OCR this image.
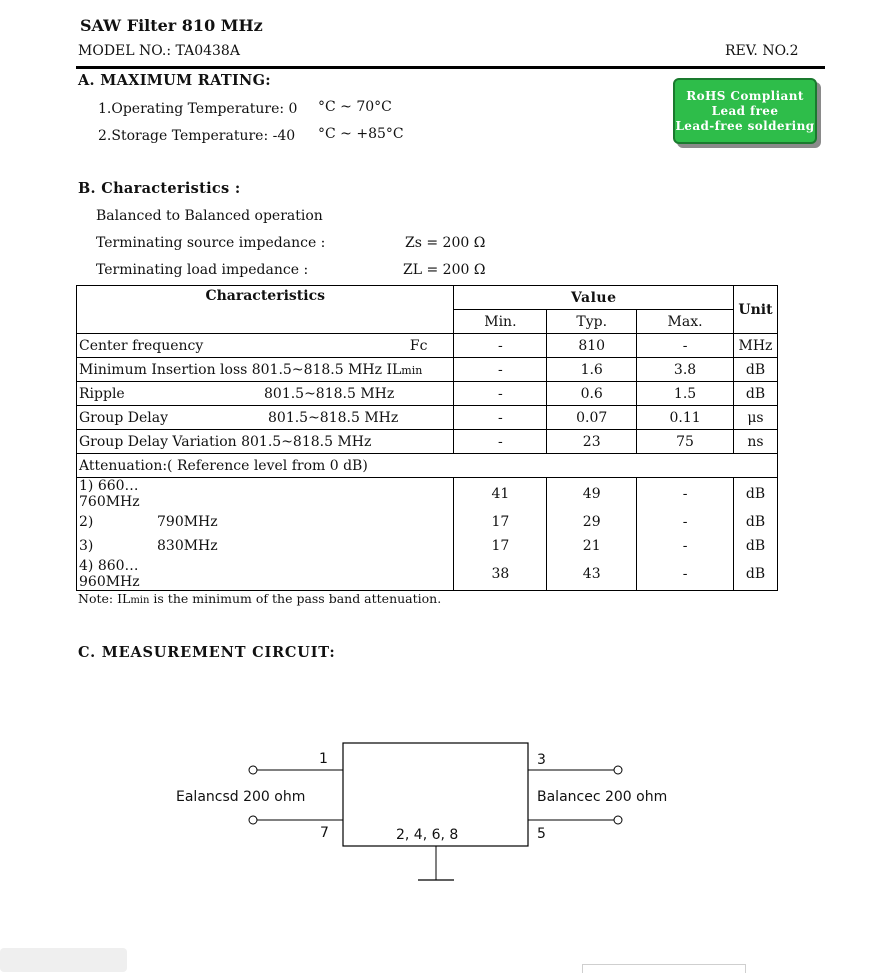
SAW Filter 810 MHz
MODEL NO.: TA0438A	REV. NO.2
RoHS Compliant
Lead free
Lead-free soldering
A. MAXIMUM RATING:
1.Operating Temperature: 0 °C ~ 70°C
2.Storage Temperature: -40 °C ~ +85°C
B. Characteristics :
Balanced to Balanced operation
Terminating source impedance :	Zs = 200 Ω
Terminating load impedance :	ZL = 200 Ω
Characteristics	Value			Unit
	Min.	Typ.	Max.	

Center frequency Fc	-	810	-	MHz
Minimum Insertion loss 801.5~818.5 MHz ILmin	-	1.6	3.8	dB
Ripple 801.5~818.5 MHz	-	0.6	1.5	dB
Group Delay 801.5~818.5 MHz	-	0.07	0.11	μs
Group Delay Variation 801.5~818.5 MHz	-	23	75	ns
Attenuation:( Reference level from 0 dB)				
1) 660…760MHz	41	49	-	dB
2) 790MHz	17	29	-	dB
3) 830MHz	17	21	-	dB
4) 860…960MHz	38	43	-	dB
Note: ILmin is the minimum of the pass band attenuation.
C. MEASUREMENT CIRCUIT:
1
7
3
5
2, 4, 6, 8
Ealancsd 200 ohm	Balancec 200 ohm
